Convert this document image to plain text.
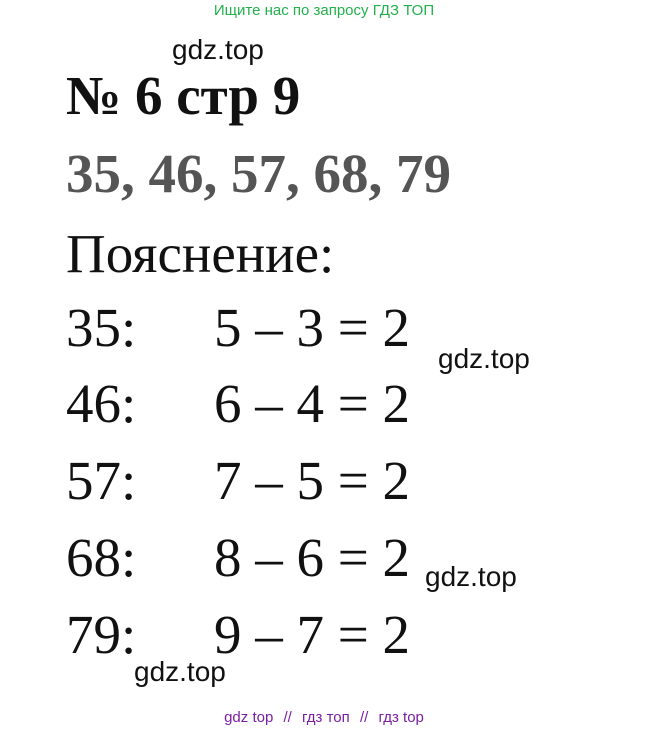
Ищите нас по запросу ГДЗ ТОП
gdz.top
gdz.top
gdz.top
gdz.top
№ 6 стр 9
35, 46, 57, 68, 79
Пояснение:
35: 5 – 3 = 2
46: 6 – 4 = 2
57: 7 – 5 = 2
68: 8 – 6 = 2
79: 9 – 7 = 2
gdz top // гдз топ // гдз top
